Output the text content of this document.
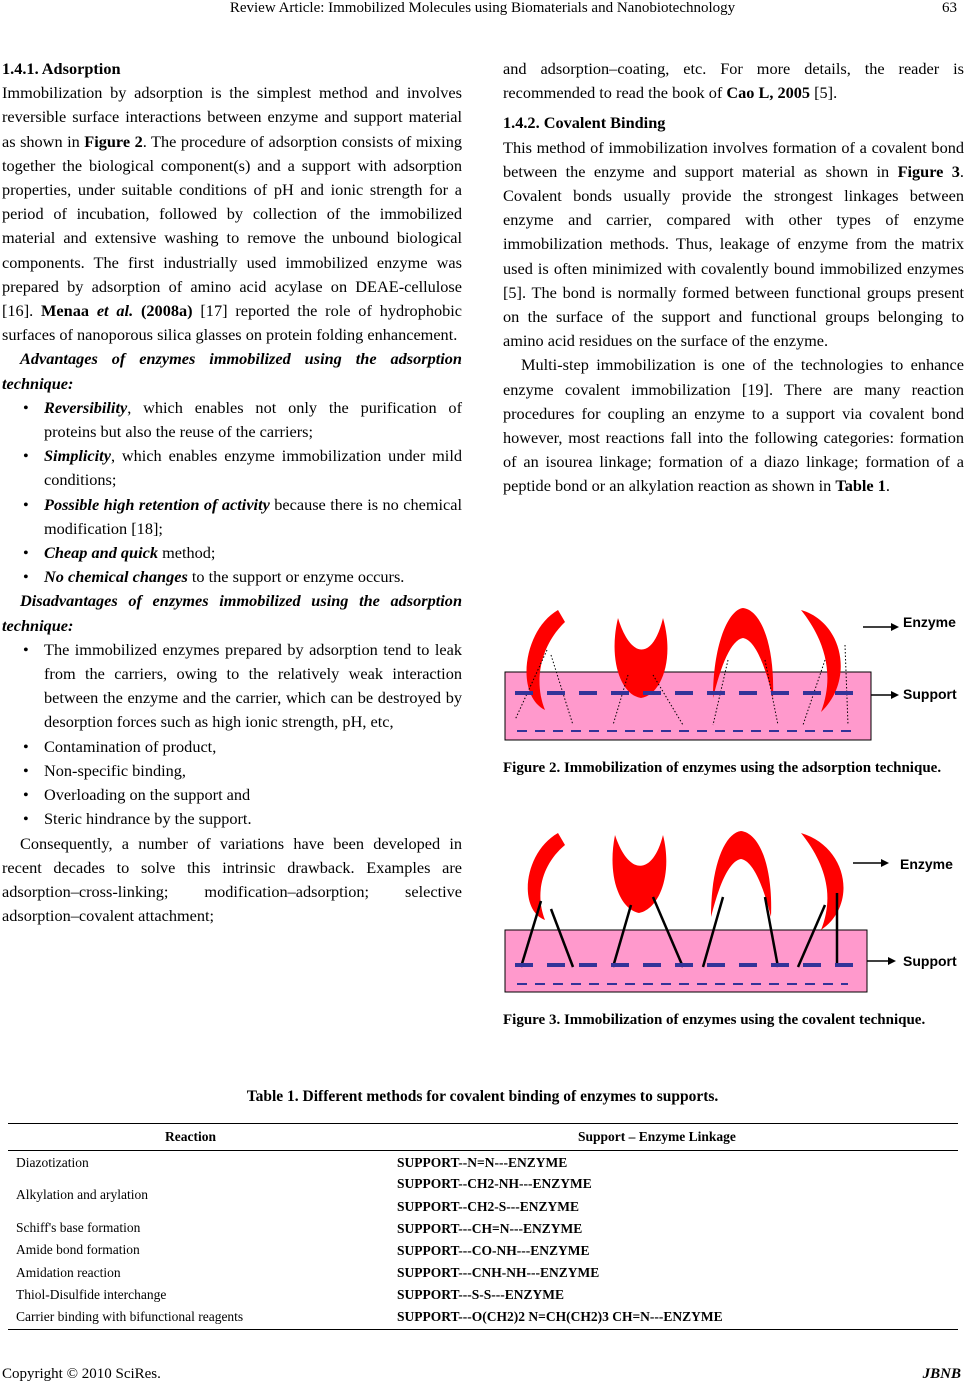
Review Article: Immobilized Molecules using Biomaterials and Nanobiotechnology	63

1.4.1. Adsorption

Immobilization by adsorption is the simplest method and involves reversible surface interactions between enzyme and support material as shown in Figure 2. The procedure of adsorption consists of mixing together the biological component(s) and a support with adsorption properties, under suitable conditions of pH and ionic strength for a period of incubation, followed by collection of the immobilized material and extensive washing to remove the unbound biological components. The first industrially used immobilized enzyme was prepared by adsorption of amino acid acylase on DEAE-cellulose [16]. Menaa et al. (2008a) [17] reported the role of hydrophobic surfaces of nanoporous silica glasses on protein folding enhancement.

Advantages of enzymes immobilized using the adsorption technique:

• Reversibility, which enables not only the purification of proteins but also the reuse of the carriers;
• Simplicity, which enables enzyme immobilization under mild conditions;
• Possible high retention of activity because there is no chemical modification [18];
• Cheap and quick method;
• No chemical changes to the support or enzyme occurs.

Disadvantages of enzymes immobilized using the adsorption technique:

• The immobilized enzymes prepared by adsorption tend to leak from the carriers, owing to the relatively weak interaction between the enzyme and the carrier, which can be destroyed by desorption forces such as high ionic strength, pH, etc,
• Contamination of product,
• Non-specific binding,
• Overloading on the support and
• Steric hindrance by the support.

Consequently, a number of variations have been developed in recent decades to solve this intrinsic drawback. Examples are adsorption–cross-linking; modification–adsorption; selective adsorption–covalent attachment;

and adsorption–coating, etc. For more details, the reader is recommended to read the book of Cao L, 2005 [5].

1.4.2. Covalent Binding

This method of immobilization involves formation of a covalent bond between the enzyme and support material as shown in Figure 3. Covalent bonds usually provide the strongest linkages between enzyme and carrier, compared with other types of enzyme immobilization methods. Thus, leakage of enzyme from the matrix used is often minimized with covalently bound immobilized enzymes [5]. The bond is normally formed between functional groups present on the surface of the support and functional groups belonging to amino acid residues on the surface of the enzyme.

Multi-step immobilization is one of the technologies to enhance enzyme covalent immobilization [19]. There are many reaction procedures for coupling an enzyme to a support via covalent bond however, most reactions fall into the following categories: formation of an isourea linkage; formation of a diazo linkage; formation of a peptide bond or an alkylation reaction as shown in Table 1.

Enzyme
Support
Figure 2. Immobilization of enzymes using the adsorption technique.
Enzyme
Support
Figure 3. Immobilization of enzymes using the covalent technique.
Table 1. Different methods for covalent binding of enzymes to supports.
Reaction	Support – Enzyme Linkage
Diazotization	SUPPORT--N=N---ENZYME
Alkylation and arylation
SUPPORT--CH2-NH---ENZYME
SUPPORT--CH2-S---ENZYME
Schiff's base formation	SUPPORT---CH=N---ENZYME
Amide bond formation	SUPPORT---CO-NH---ENZYME
Amidation reaction	SUPPORT---CNH-NH---ENZYME
Thiol-Disulfide interchange	SUPPORT---S-S---ENZYME
Carrier binding with bifunctional reagents	SUPPORT---O(CH2)2 N=CH(CH2)3 CH=N---ENZYME
Copyright © 2010 SciRes.	JBNB
